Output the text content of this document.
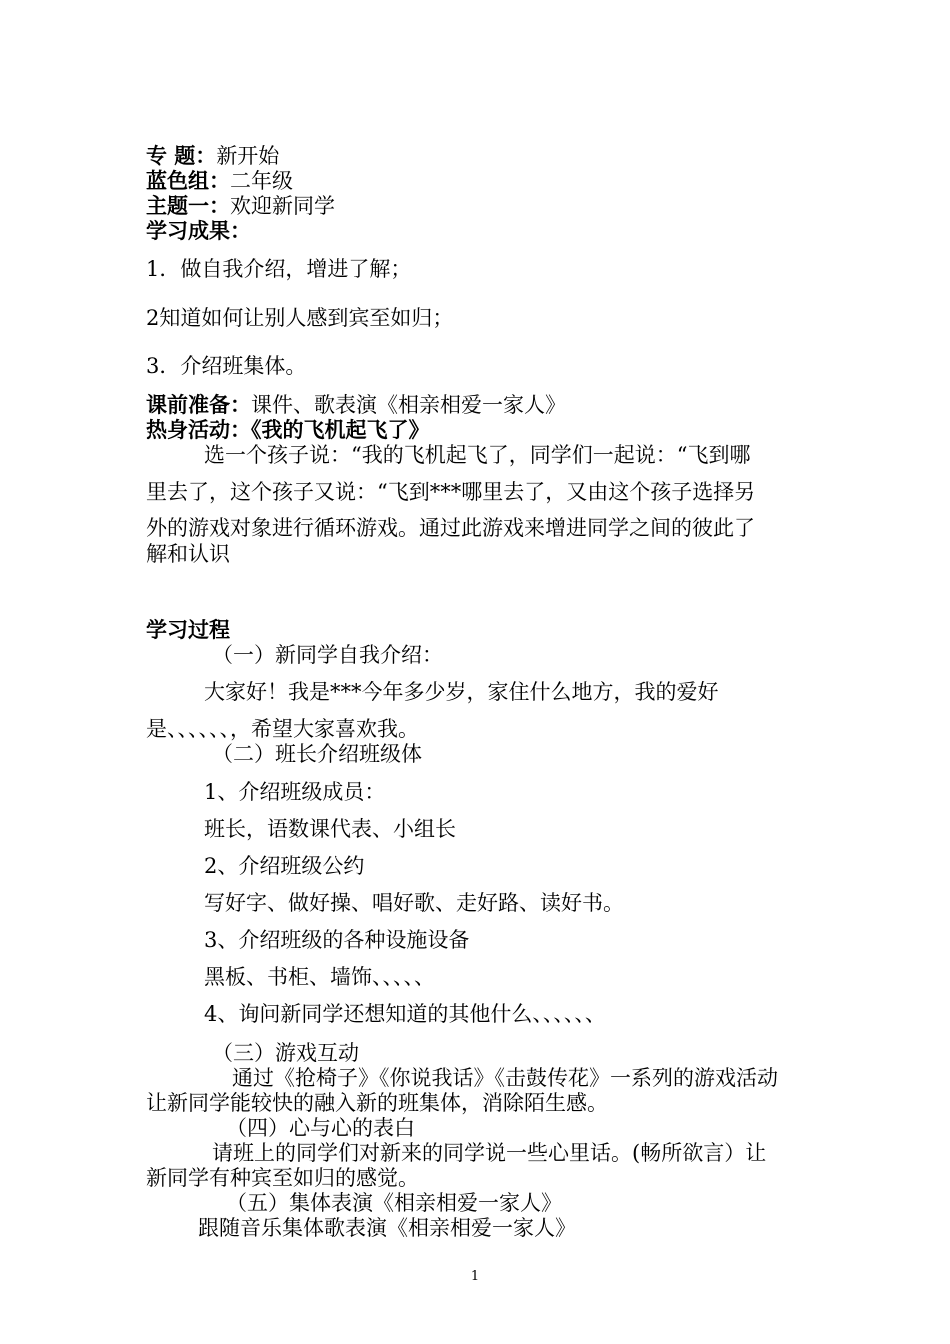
专 题：新开始
蓝色组：二年级
主题一：欢迎新同学
学习成果：
1．做自我介绍，增进了解；
2知道如何让别人感到宾至如归；
3．介绍班集体。
课前准备：课件、歌表演《相亲相爱一家人》
热身活动：《我的飞机起飞了》
选一个孩子说：“我的飞机起飞了，同学们一起说：“飞到哪
里去了，这个孩子又说：“飞到***哪里去了，又由这个孩子选择另
外的游戏对象进行循环游戏。通过此游戏来增进同学之间的彼此了
解和认识
学习过程
（一）新同学自我介绍：
大家好！我是***今年多少岁，家住什么地方，我的爱好
是、、、、、、，希望大家喜欢我。
（二）班长介绍班级体
1、介绍班级成员：
班长，语数课代表、小组长
2、介绍班级公约
写好字、做好操、唱好歌、走好路、读好书。
3、介绍班级的各种设施设备
黑板、书柜、墙饰、、、、、
4、询问新同学还想知道的其他什么、、、、、、
（三）游戏互动
通过《抢椅子》《你说我话》《击鼓传花》一系列的游戏活动
让新同学能较快的融入新的班集体，消除陌生感。
（四）心与心的表白
请班上的同学们对新来的同学说一些心里话。(畅所欲言）让
新同学有种宾至如归的感觉。
（五）集体表演《相亲相爱一家人》
跟随音乐集体歌表演《相亲相爱一家人》
1
